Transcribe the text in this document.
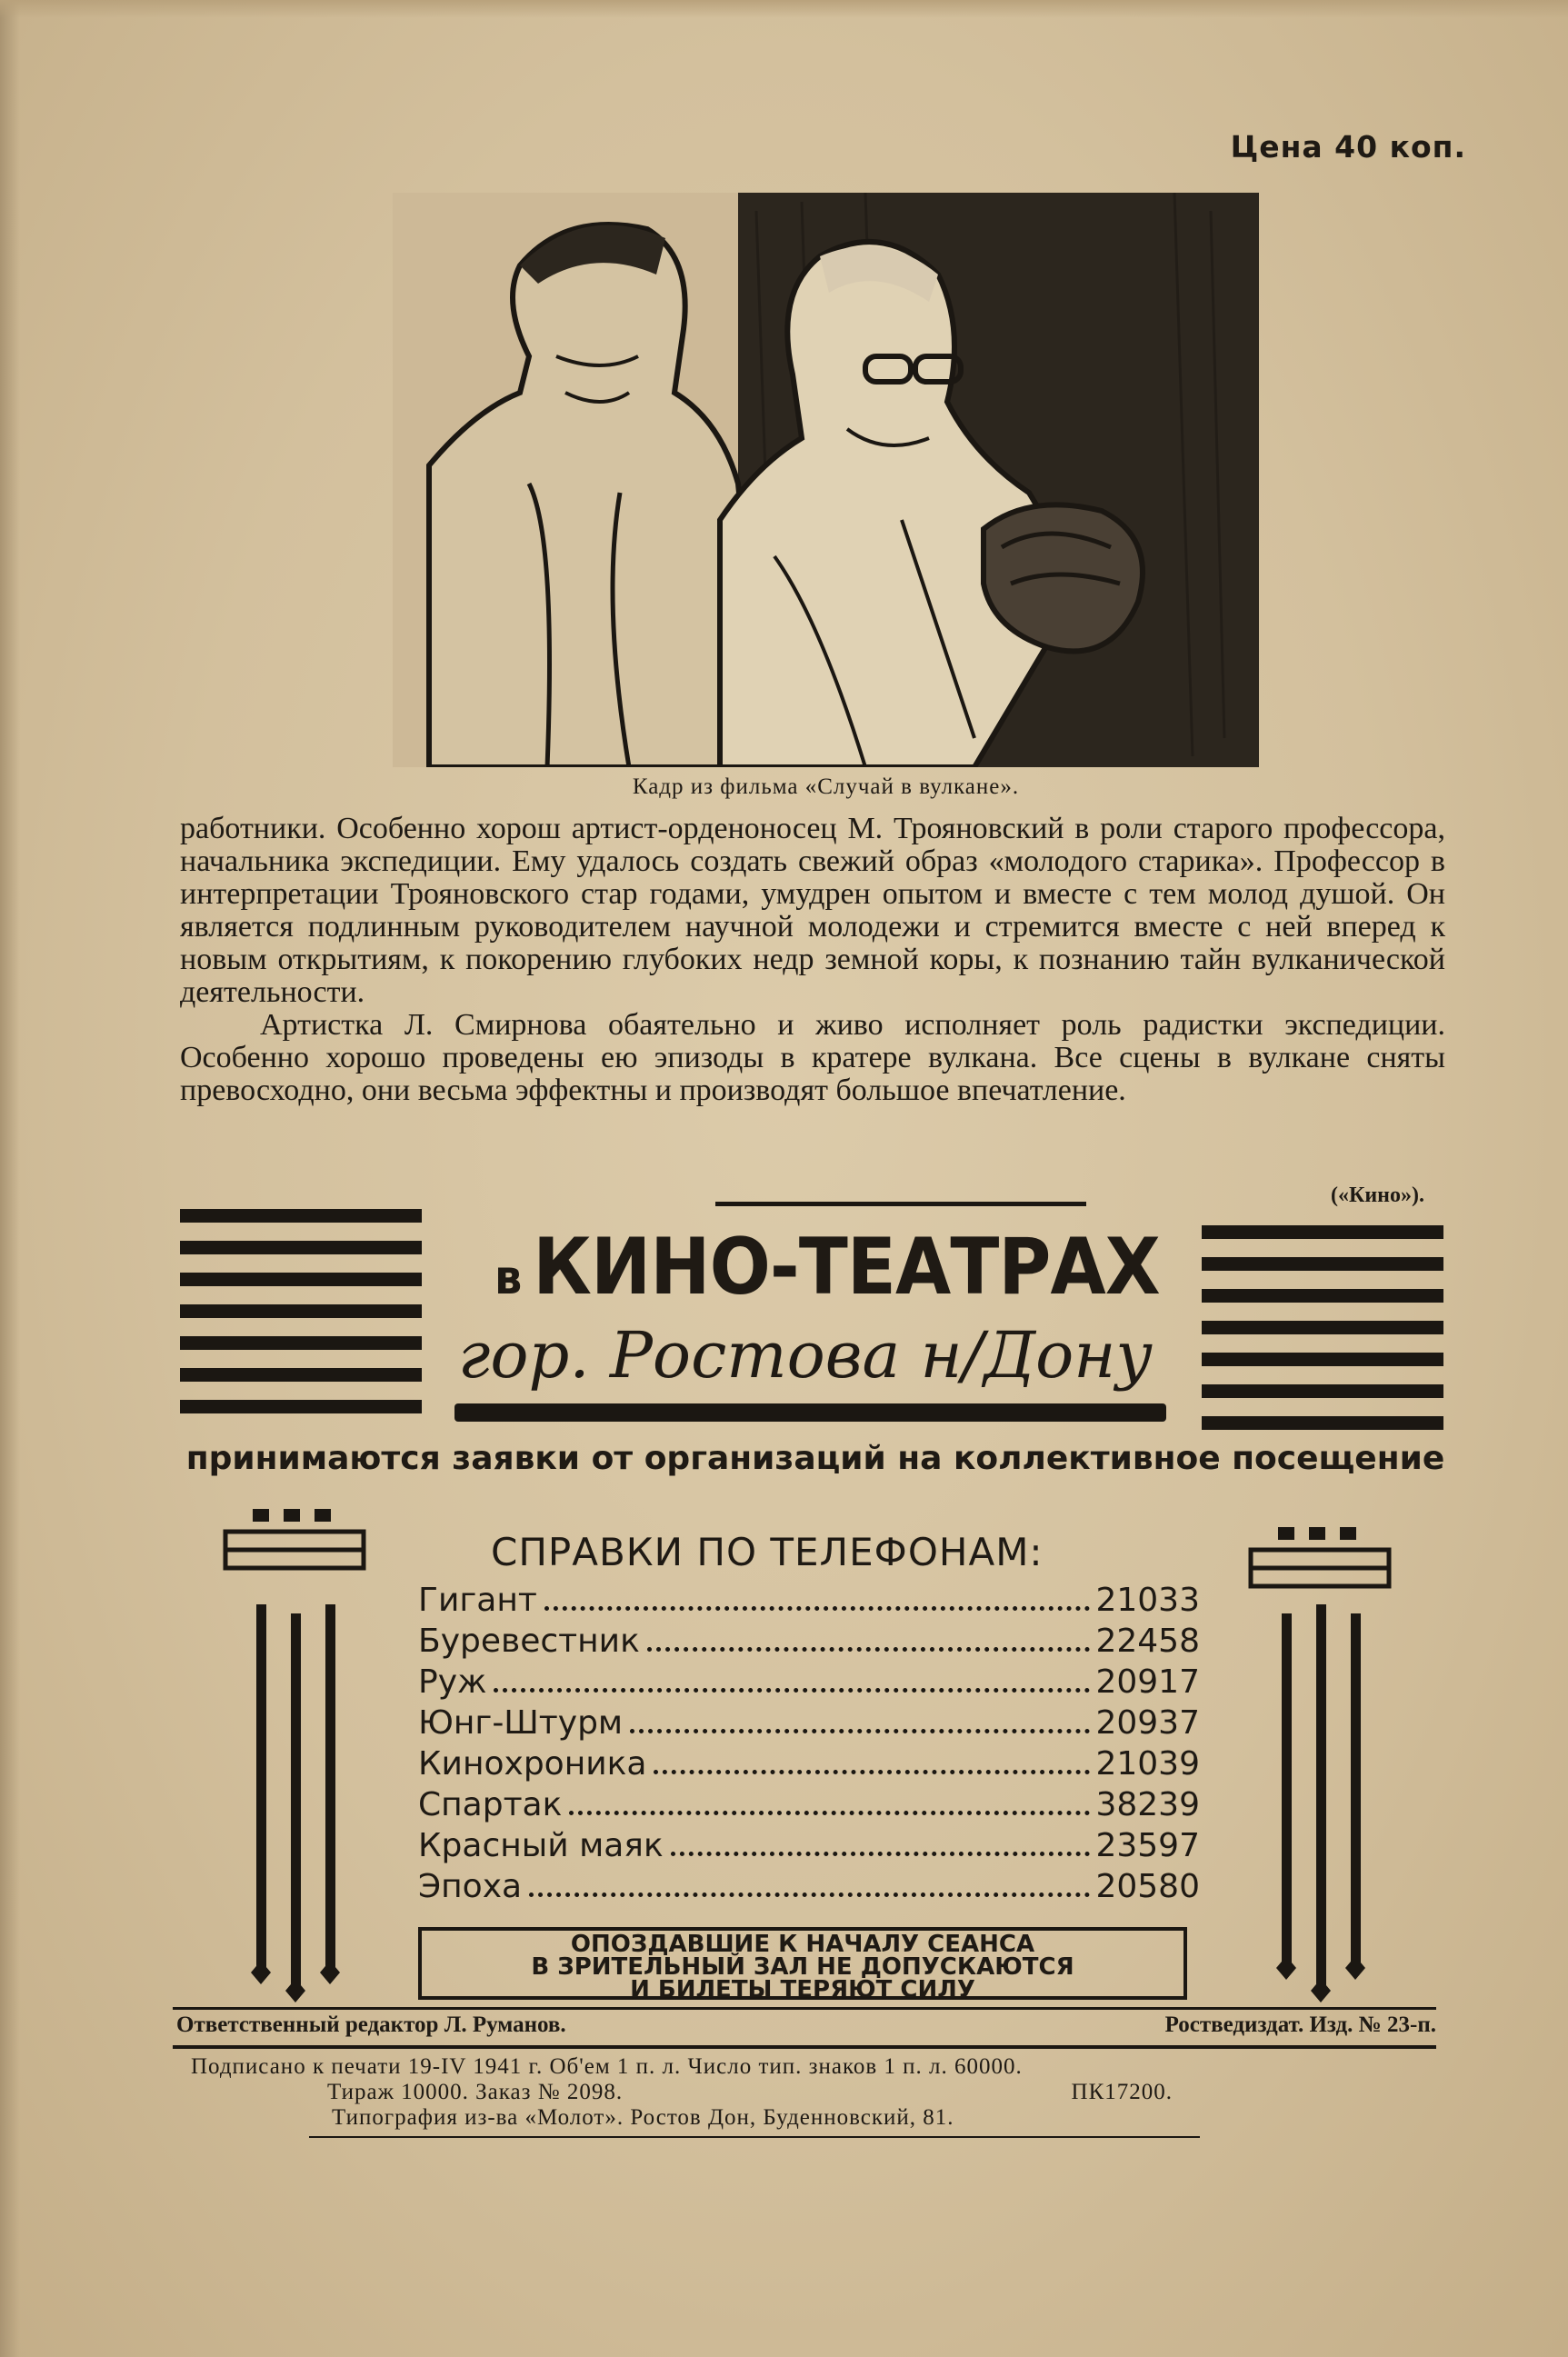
Цена 40 коп.
Кадр из фильма «Случай в вулкане».

работники. Особенно хорош артист-орденоносец М. Трояновский в роли старого профессора, начальника экспедиции. Ему удалось создать свежий образ «молодого старика». Профессор в интерпретации Трояновского стар годами, умудрен опытом и вместе с тем молод душой. Он является подлинным руководителем научной молодежи и стремится вместе с ней вперед к новым открытиям, к покорению глубоких недр земной коры, к познанию тайн вулканической деятельности.

Артистка Л. Смирнова обаятельно и живо исполняет роль радистки экспедиции. Особенно хорошо проведены ею эпизоды в кратере вулкана. Все сцены в вулкане сняты превосходно, они весьма эффектны и производят большое впечатление.

(«Кино»).
в КИНО-ТЕАТРАХ
гор. Ростова н/Дону
принимаются заявки от организаций на коллективное посещение
СПРАВКИ ПО ТЕЛЕФОНАМ:
Гигант	21033
Буревестник	22458
Руж	20917
Юнг-Штурм	20937
Кинохроника	21039
Спартак	38239
Красный маяк	23597
Эпоха	20580
ОПОЗДАВШИЕ К НАЧАЛУ СЕАНСА
В ЗРИТЕЛЬНЫЙ ЗАЛ НЕ ДОПУСКАЮТСЯ
И БИЛЕТЫ ТЕРЯЮТ СИЛУ
Ответственный редактор Л. Руманов.	Ростведиздат. Изд. № 23-п.
Подписано к печати 19-IV 1941 г. Об'ем 1 п. л. Число тип. знаков 1 п. л. 60000.
Тираж 10000. Заказ № 2098.	ПК17200.
Типография из-ва «Молот». Ростов Дон, Буденновский, 81.
